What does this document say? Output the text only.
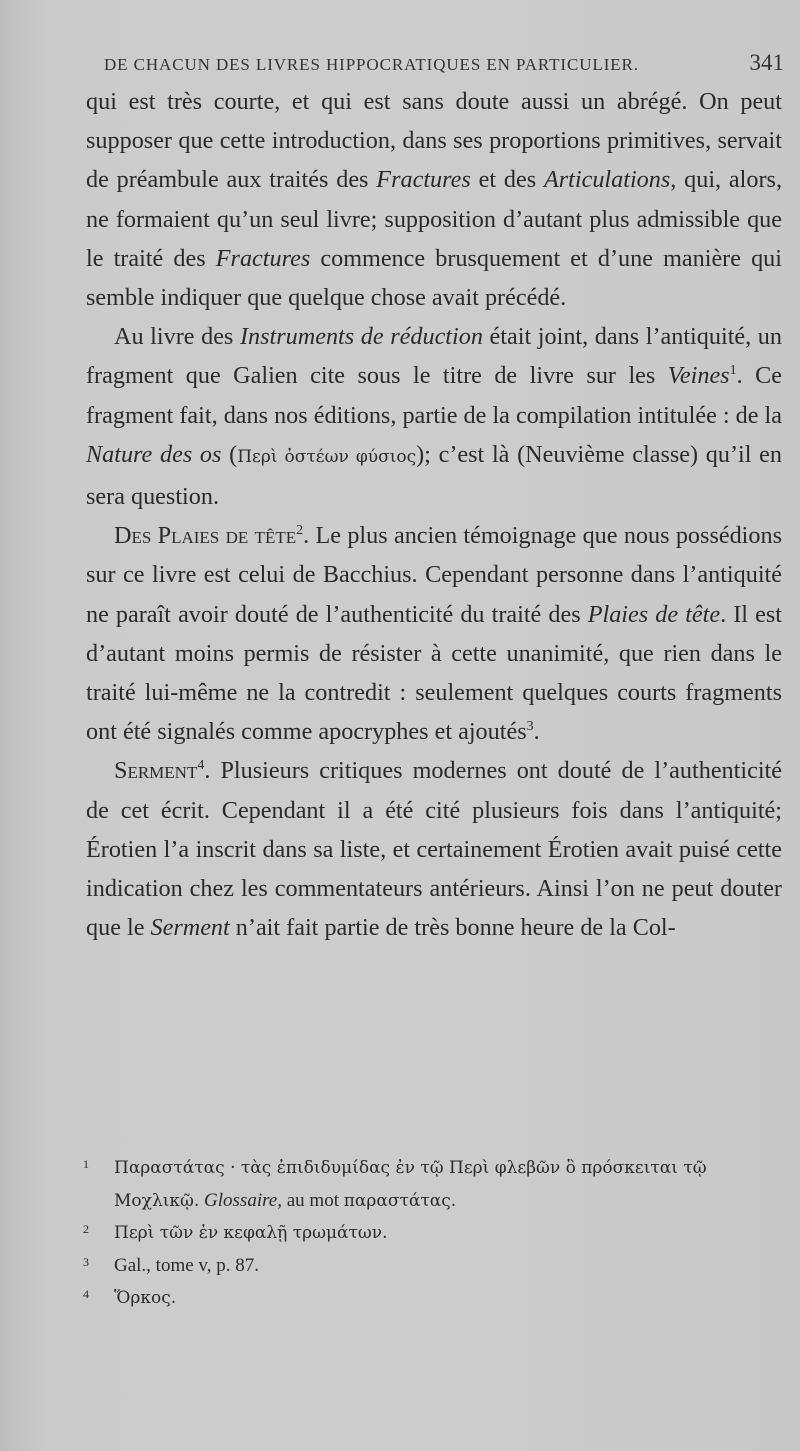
DE CHACUN DES LIVRES HIPPOCRATIQUES EN PARTICULIER.	341

qui est très courte, et qui est sans doute aussi un abrégé. On peut supposer que cette introduction, dans ses proportions primitives, servait de préambule aux traités des Fractures et des Articulations, qui, alors, ne formaient qu’un seul livre; supposition d’autant plus admissible que le traité des Fractures commence brusquement et d’une manière qui semble indiquer que quelque chose avait précédé.

Au livre des Instruments de réduction était joint, dans l’antiquité, un fragment que Galien cite sous le titre de livre sur les Veines$^1$. Ce fragment fait, dans nos éditions, partie de la compilation intitulée : de la Nature des os (Περὶ ὀστέων φύσιος); c’est là (Neuvième classe) qu’il en sera question.

Des Plaies de tête$^2$. Le plus ancien témoignage que nous possédions sur ce livre est celui de Bacchius. Cependant personne dans l’antiquité ne paraît avoir douté de l’authenticité du traité des Plaies de tête. Il est d’autant moins permis de résister à cette unanimité, que rien dans le traité lui-même ne la contredit : seulement quelques courts fragments ont été signalés comme apocryphes et ajoutés$^3$.

Serment$^4$. Plusieurs critiques modernes ont douté de l’authenticité de cet écrit. Cependant il a été cité plusieurs fois dans l’antiquité; Érotien l’a inscrit dans sa liste, et certainement Érotien avait puisé cette indication chez les commentateurs antérieurs. Ainsi l’on ne peut douter que le Serment n’ait fait partie de très bonne heure de la Col-

1 Παραστάτας · τὰς ἐπιδιδυμίδας ἐν τῷ Περὶ φλεβῶν ὃ πρόσκειται τῷ Μοχλικῷ. Glossaire, au mot παραστάτας.

2 Περὶ τῶν ἐν κεφαλῇ τρωμάτων.

3 Gal., tome v, p. 87.

4 Ὅρκος.
